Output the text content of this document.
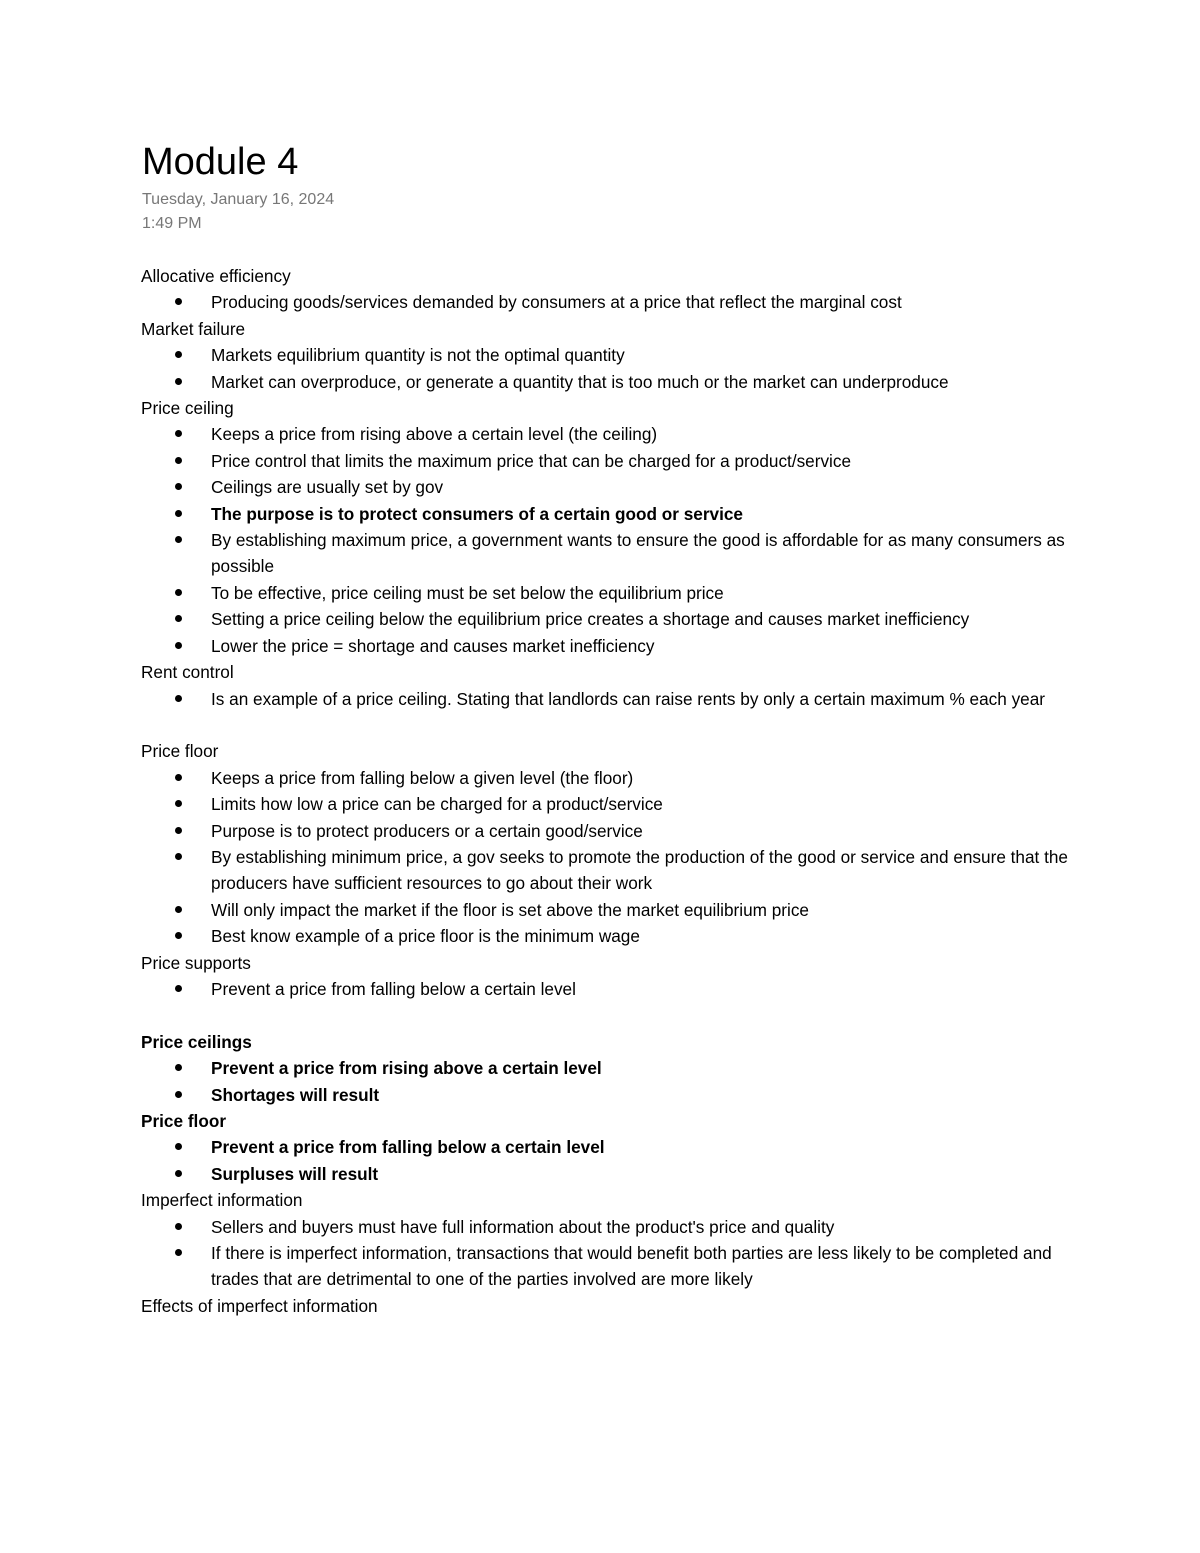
Module 4
Tuesday, January 16, 2024
1:49 PM
Allocative efficiency
Producing goods/services demanded by consumers at a price that reflect the marginal cost
Market failure
Markets equilibrium quantity is not the optimal quantity
Market can overproduce, or generate a quantity that is too much or the market can underproduce
Price ceiling
Keeps a price from rising above a certain level (the ceiling)
Price control that limits the maximum price that can be charged for a product/service
Ceilings are usually set by gov
The purpose is to protect consumers of a certain good or service
By establishing maximum price, a government wants to ensure the good is affordable for as many consumers as possible
To be effective, price ceiling must be set below the equilibrium price
Setting a price ceiling below the equilibrium price creates a shortage and causes market inefficiency
Lower the price = shortage and causes market inefficiency
Rent control
Is an example of a price ceiling. Stating that landlords can raise rents by only a certain maximum % each year
Price floor
Keeps a price from falling below a given level (the floor)
Limits how low a price can be charged for a product/service
Purpose is to protect producers or a certain good/service
By establishing minimum price, a gov seeks to promote the production of the good or service and ensure that the producers have sufficient resources to go about their work
Will only impact the market if the floor is set above the market equilibrium price
Best know example of a price floor is the minimum wage
Price supports
Prevent a price from falling below a certain level
Price ceilings
Prevent a price from rising above a certain level
Shortages will result
Price floor
Prevent a price from falling below a certain level
Surpluses will result
Imperfect information
Sellers and buyers must have full information about the product's price and quality
If there is imperfect information, transactions that would benefit both parties are less likely to be completed and trades that are detrimental to one of the parties involved are more likely
Effects of imperfect information
